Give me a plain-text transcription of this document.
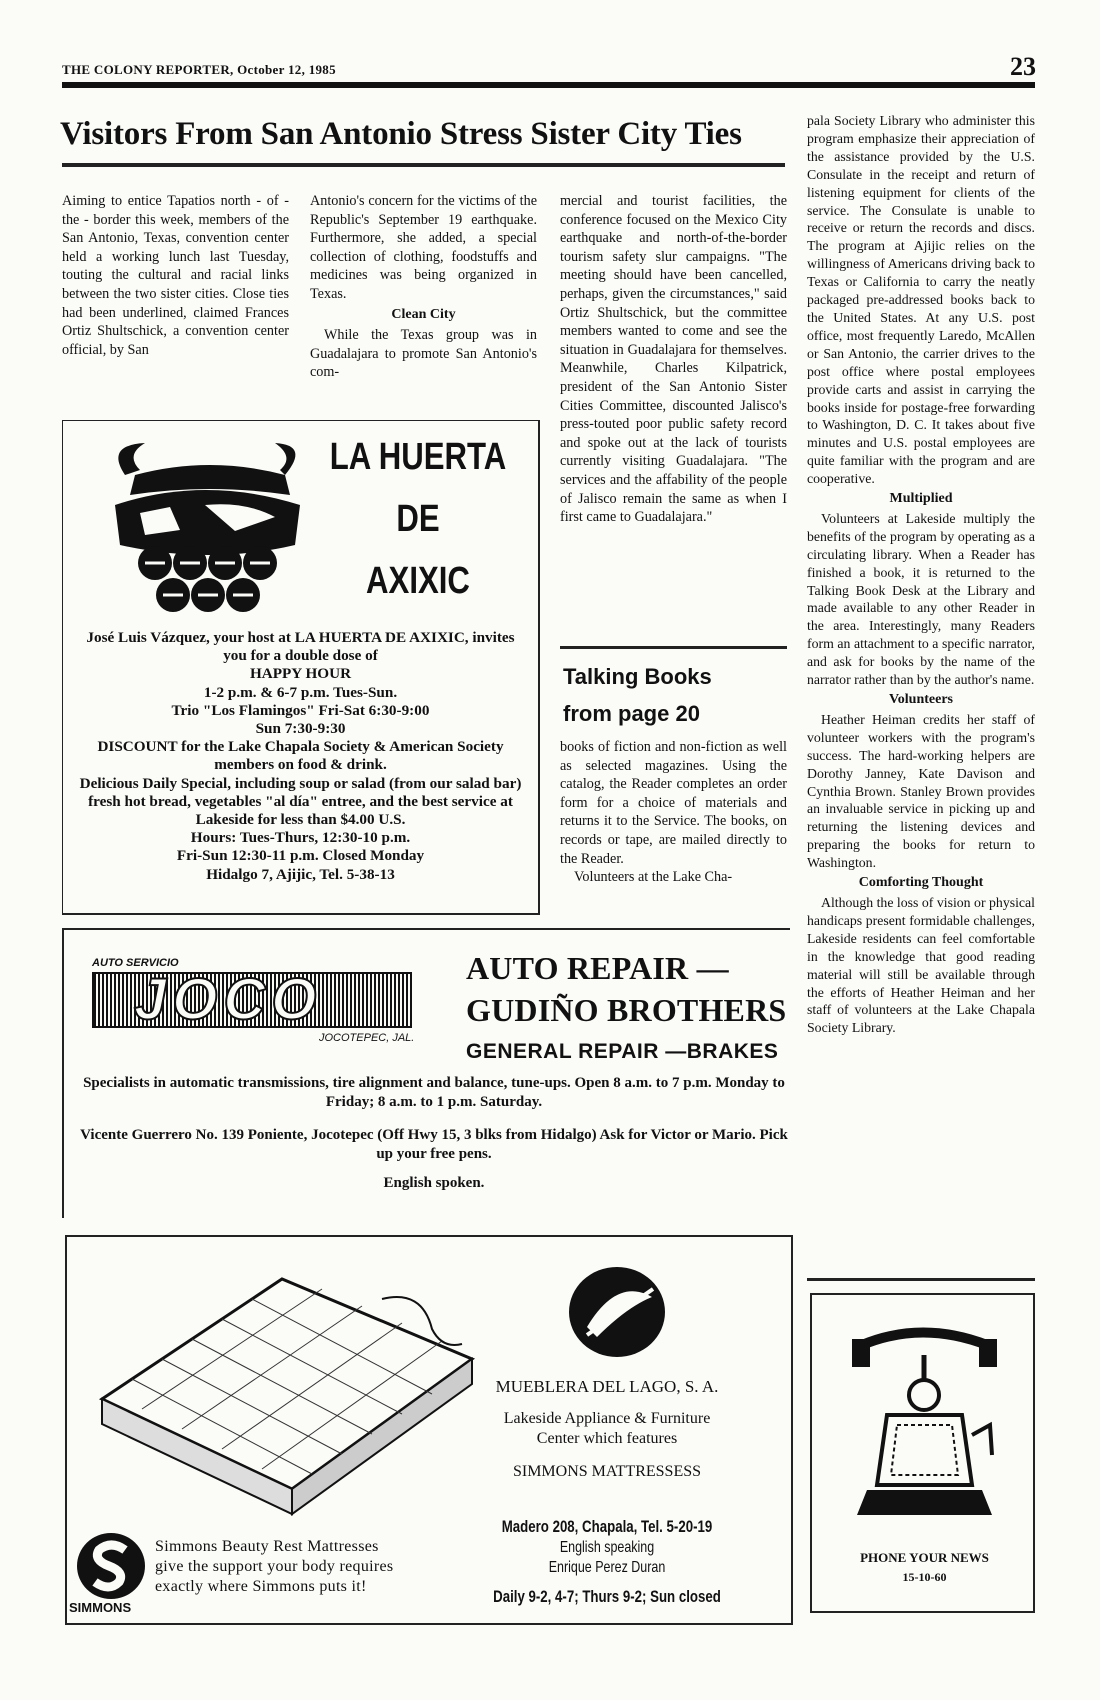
THE COLONY REPORTER, October 12, 1985	23
Visitors From San Antonio Stress Sister City Ties

Aiming to entice Tapatios north - of - the - border this week, members of the San Antonio, Texas, convention center held a working lunch last Tuesday, touting the cultural and racial links between the two sister cities. Close ties had been underlined, claimed Frances Ortiz Shultschick, a convention center official, by San

Antonio's concern for the victims of the Republic's September 19 earthquake. Furthermore, she added, a special collection of clothing, foodstuffs and medicines was being organized in Texas.

Clean City

While the Texas group was in Guadalajara to promote San Antonio's com-

mercial and tourist facilities, the conference focused on the Mexico City earthquake and north-of-the-border tourism safety slur campaigns. "The meeting should have been cancelled, perhaps, given the circumstances," said Ortiz Shultschick, but the committee members wanted to come and see the situation in Guadalajara for themselves. Meanwhile, Charles Kilpatrick, president of the San Antonio Sister Cities Committee, discounted Jalisco's press-touted poor public safety record and spoke out at the lack of tourists currently visiting Guadalajara. "The services and the affability of the people of Jalisco remain the same as when I first came to Guadalajara."

LA HUERTA
DE
AXIXIC

José Luis Vázquez, your host at LA HUERTA DE AXIXIC, invites you for a double dose of

HAPPY HOUR

1-2 p.m. & 6-7 p.m. Tues-Sun.

Trio "Los Flamingos" Fri-Sat 6:30-9:00

Sun 7:30-9:30

DISCOUNT for the Lake Chapala Society & American Society members on food & drink.

Delicious Daily Special, including soup or salad (from our salad bar) fresh hot bread, vegetables "al día" entree, and the best service at Lakeside for less than $4.00 U.S.

Hours: Tues-Thurs, 12:30-10 p.m.

Fri-Sun 12:30-11 p.m. Closed Monday

Hidalgo 7, Ajijic, Tel. 5-38-13

Talking Books
from page 20

books of fiction and non-fiction as well as selected magazines. Using the catalog, the Reader completes an order form for a choice of materials and returns it to the Service. The books, on records or tape, are mailed directly to the Reader.

Volunteers at the Lake Cha-

pala Society Library who administer this program emphasize their appreciation of the assistance provided by the U.S. Consulate in the receipt and return of listening equipment for clients of the service. The Consulate is unable to receive or return the records and discs. The program at Ajijic relies on the willingness of Americans driving back to Texas or California to carry the neatly packaged pre-addressed books back to the United States. At any U.S. post office, most frequently Laredo, McAllen or San Antonio, the carrier drives to the post office where postal employees provide carts and assist in carrying the books inside for postage-free forwarding to Washington, D. C. It takes about five minutes and U.S. postal employees are quite familiar with the program and are cooperative.

Multiplied

Volunteers at Lakeside multiply the benefits of the program by operating as a circulating library. When a Reader has finished a book, it is returned to the Talking Book Desk at the Library and made available to any other Reader in the area. Interestingly, many Readers form an attachment to a specific narrator, and ask for books by the name of the narrator rather than by the author's name.

Volunteers

Heather Heiman credits her staff of volunteer workers with the program's success. The hard-working helpers are Dorothy Janney, Kate Davison and Cynthia Brown. Stanley Brown provides an invaluable service in picking up and returning the listening devices and preparing the books for return to Washington.

Comforting Thought

Although the loss of vision or physical handicaps present formidable challenges, Lakeside residents can feel comfortable in the knowledge that good reading material will still be available through the efforts of Heather Heiman and her staff of volunteers at the Lake Chapala Society Library.

AUTO SERVICIO
JOCO
JOCOTEPEC, JAL.
AUTO REPAIR —
GUDIÑO BROTHERS
GENERAL REPAIR —BRAKES

Specialists in automatic transmissions, tire alignment and balance, tune-ups. Open 8 a.m. to 7 p.m. Monday to Friday; 8 a.m. to 1 p.m. Saturday.

Vicente Guerrero No. 139 Poniente, Jocotepec (Off Hwy 15, 3 blks from Hidalgo) Ask for Victor or Mario. Pick up your free pens.

English spoken.

MUEBLERA DEL LAGO, S. A.
Lakeside Appliance & Furniture
Center which features
SIMMONS MATTRESSESS
Madero 208, Chapala, Tel. 5-20-19
English speaking
Enrique Perez Duran
Daily 9-2, 4-7; Thurs 9-2; Sun closed
SIMMONS
Simmons Beauty Rest Mattresses give the support your body requires exactly where Simmons puts it!
PHONE YOUR NEWS
15-10-60
